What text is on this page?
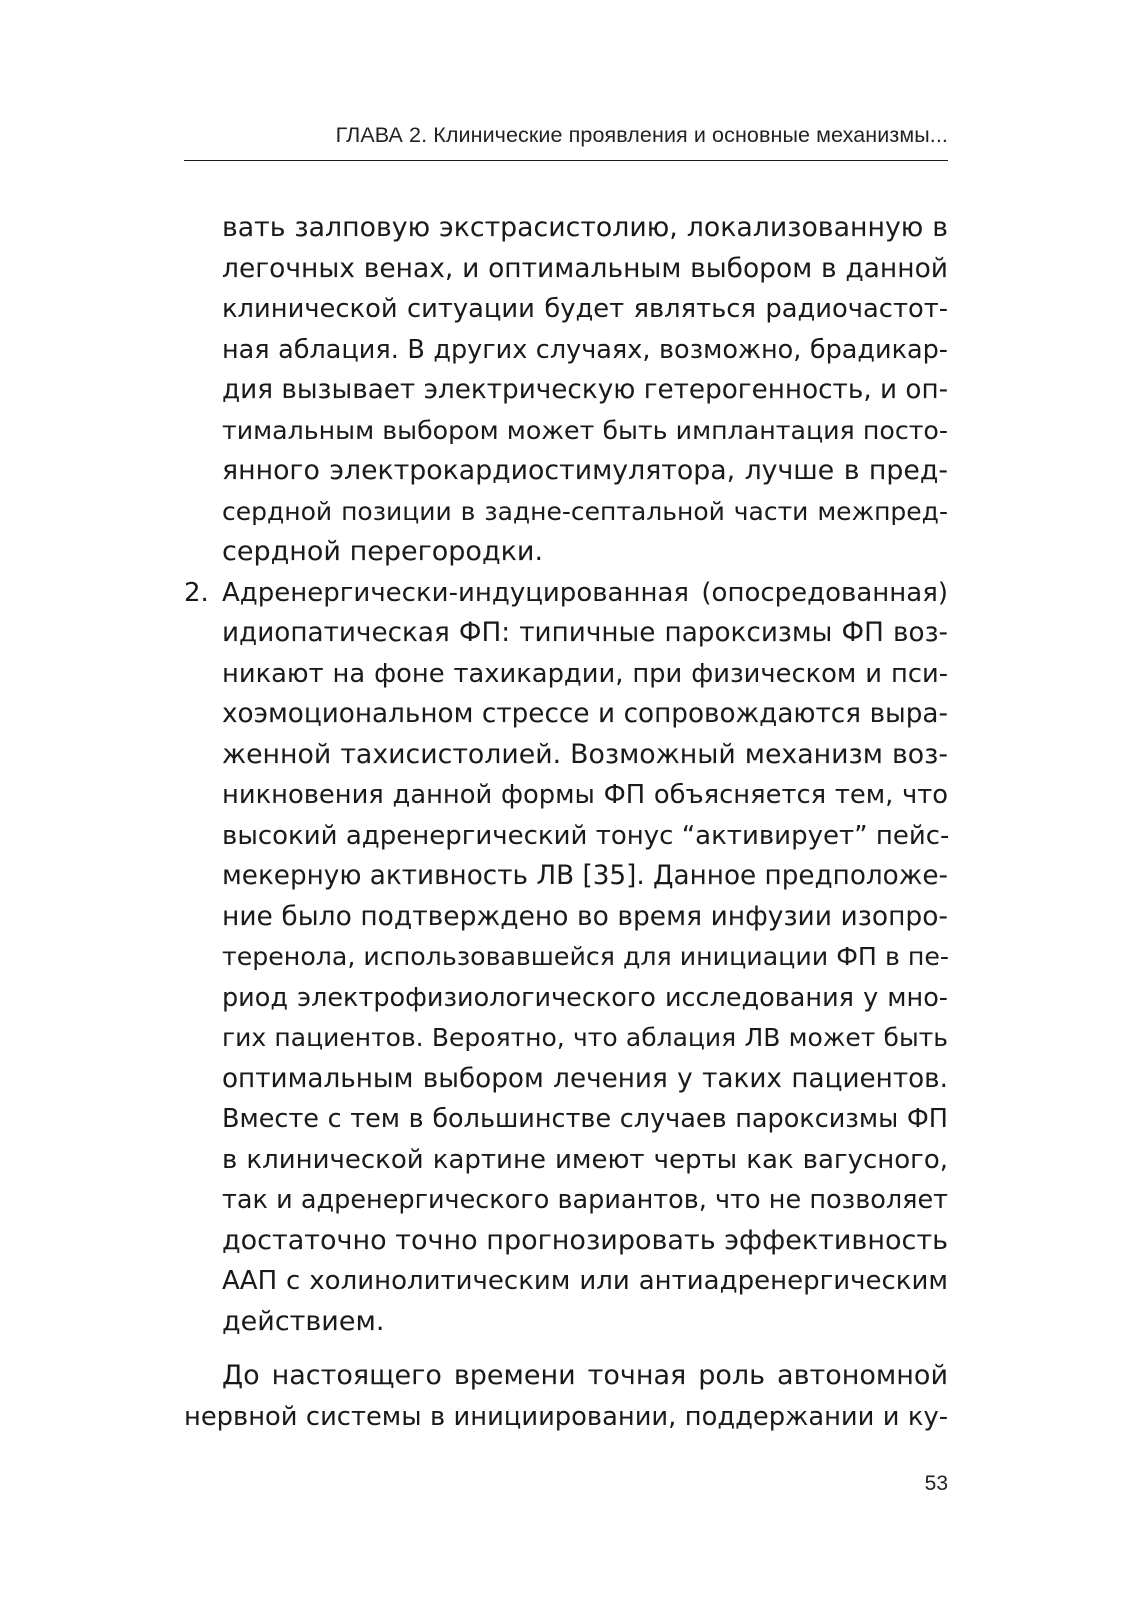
ГЛАВА 2. Клинические проявления и основные механизмы...
вать залповую экстрасистолию, локализованную в
легочных венах, и оптимальным выбором в данной
клинической ситуации будет являться радиочастот-
ная аблация. В других случаях, возможно, брадикар-
дия вызывает электрическую гетерогенность, и оп-
тимальным выбором может быть имплантация посто-
янного электрокардиостимулятора, лучше в пред-
сердной позиции в задне-септальной части межпред-
сердной перегородки.
2. Адренергически-индуцированная (опосредованная)
идиопатическая ФП: типичные пароксизмы ФП воз-
никают на фоне тахикардии, при физическом и пси-
хоэмоциональном стрессе и сопровождаются выра-
женной тахисистолией. Возможный механизм воз-
никновения данной формы ФП объясняется тем, что
высокий адренергический тонус “активирует” пейс-
мекерную активность ЛВ [35]. Данное предположе-
ние было подтверждено во время инфузии изопро-
теренола, использовавшейся для инициации ФП в пе-
риод электрофизиологического исследования у мно-
гих пациентов. Вероятно, что аблация ЛВ может быть
оптимальным выбором лечения у таких пациентов.
Вместе с тем в большинстве случаев пароксизмы ФП
в клинической картине имеют черты как вагусного,
так и адренергического вариантов, что не позволяет
достаточно точно прогнозировать эффективность
ААП с холинолитическим или антиадренергическим
действием.
До настоящего времени точная роль автономной
нервной системы в инициировании, поддержании и ку-
53
